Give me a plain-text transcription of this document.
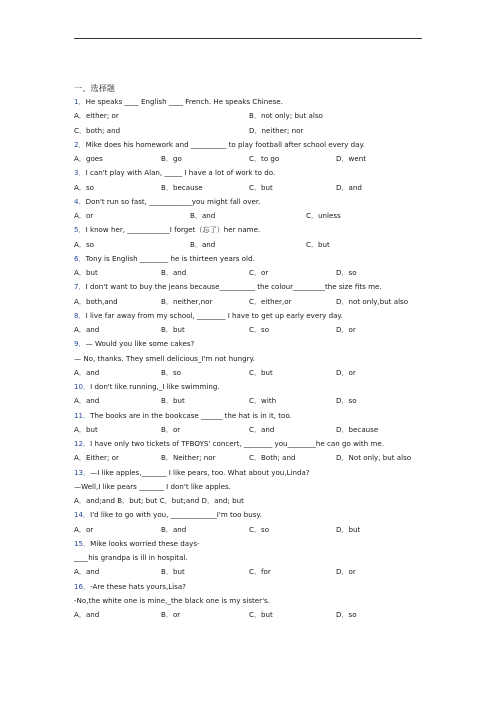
一、选择题
1．He speaks ____ English ____ French. He speaks Chinese.
A．either; or	B．not only; but also
C．both; and	D．neither; nor
2．Mike does his homework and __________ to play football after school every day.
A．goes	B．go	C．to go	D．went
3．I can't play with Alan, _____ I have a lot of work to do.
A．so	B．because	C．but	D．and
4．Don't run so fast, ____________you might fall over.
A．or	B．and	C．unless
5．I know her, ____________I forget（忘了）her name.
A．so	B．and	C．but
6．Tony is English ________ he is thirteen years old.
A．but	B．and	C．or	D．so
7．I don't want to buy the jeans because__________ the colour_________the size fits me.
A．both,and	B．neither,nor	C．either,or	D．not only,but also
8．I live far away from my school, ________ I have to get up early every day.
A．and	B．but	C．so	D．or
9．— Would you like some cakes?
— No, thanks. They smell delicious_I'm not hungry.
A．and	B．so	C．but	D．or
10．I don't like running,_I like swimming.
A．and	B．but	C．with	D．so
11．The books are in the bookcase ______ the hat is in it, too.
A．but	B．or	C．and	D．because
12．I have only two tickets of TFBOYS' concert, ________ you________he can go with me.
A．Either; or	B．Neither; nor	C．Both; and	D．Not only, but also
13．—I like apples,_______ I like pears, too. What about you,Linda?
—Well,I like pears _______ I don't like apples.
A．and;and B．but; but C．but;and D．and; but
14．I'd like to go with you, _____________I'm too busy.
A．or	B．and	C．so	D．but
15．Mike looks worried these days-
____his grandpa is ill in hospital.
A．and	B．but	C．for	D．or
16．-Are these hats yours,Lisa?
-No,the white one is mine,_the black one is my sister's.
A．and	B．or	C．but	D．so
